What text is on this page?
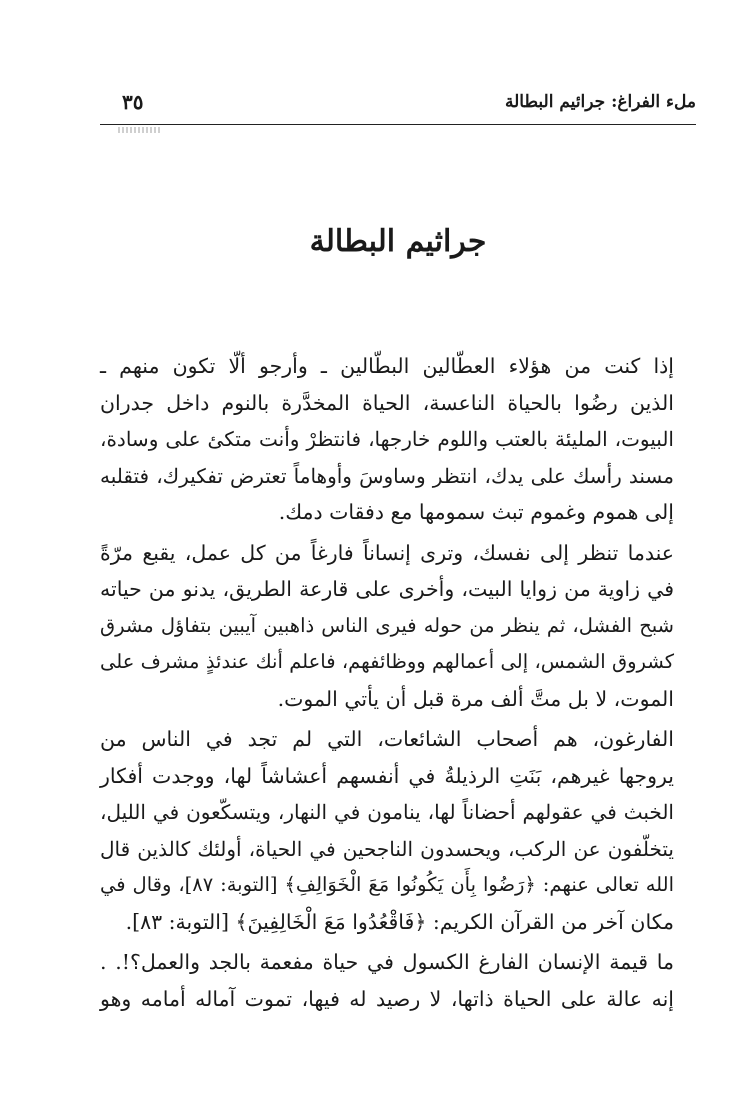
ملء الفراغ: جرائيم البطالة
٣٥
جراثيم البطالة
إذا كنت من هؤلاء العطّالين البطّالين ـ وأرجو ألّا تكون منهم ـ
الذين رضُوا بالحياة الناعسة، الحياة المخدَّرة بالنوم داخل جدران
البيوت، المليئة بالعتب واللوم خارجها، فانتظرْ وأنت متكئ على وسادة،
مسند رأسك على يدك، انتظر وساوسَ وأوهاماً تعترض تفكيرك، فتقلبه
إلى هموم وغموم تبث سمومها مع دفقات دمك.
عندما تنظر إلى نفسك، وترى إنساناً فارغاً من كل عمل، يقبع مرّةً
في زاوية من زوايا البيت، وأخرى على قارعة الطريق، يدنو من حياته
شبح الفشل، ثم ينظر من حوله فيرى الناس ذاهبين آيبين بتفاؤل مشرق
كشروق الشمس، إلى أعمالهم ووظائفهم، فاعلم أنك عندئذٍ مشرف على
الموت، لا بل متَّ ألف مرة قبل أن يأتي الموت.
الفارغون، هم أصحاب الشائعات، التي لم تجد في الناس من
يروجها غيرهم، بَنَتِ الرذيلةُ في أنفسهم أعشاشاً لها، ووجدت أفكار
الخبث في عقولهم أحضاناً لها، ينامون في النهار، ويتسكّعون في الليل،
يتخلّفون عن الركب، ويحسدون الناجحين في الحياة، أولئك كالذين قال
الله تعالى عنهم: ﴿رَضُوا بِأَن يَكُونُوا مَعَ الْخَوَالِفِ﴾ [التوبة: ٨٧]، وقال في
مكان آخر من القرآن الكريم: ﴿فَاقْعُدُوا مَعَ الْخَالِفِينَ﴾ [التوبة: ٨٣].
ما قيمة الإنسان الفارغ الكسول في حياة مفعمة بالجد والعمل؟!. .
إنه عالة على الحياة ذاتها، لا رصيد له فيها، تموت آماله أمامه وهو
